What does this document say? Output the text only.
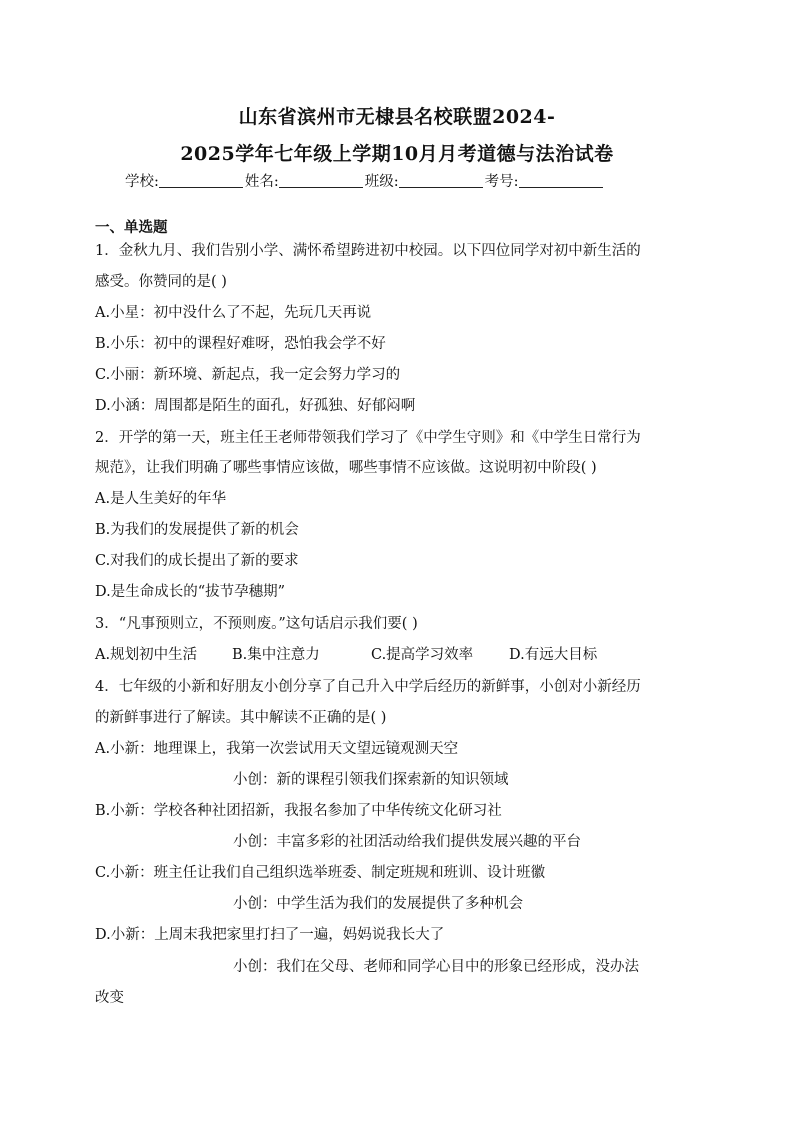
山东省滨州市无棣县名校联盟2024-
2025学年七年级上学期10月月考道德与法治试卷
学校:	姓名:	班级:	考号:
一、单选题
1．金秋九月、我们告别小学、满怀希望跨进初中校园。以下四位同学对初中新生活的
感受。你赞同的是( )
A.小星：初中没什么了不起，先玩几天再说
B.小乐：初中的课程好难呀，恐怕我会学不好
C.小丽：新环境、新起点，我一定会努力学习的
D.小涵：周围都是陌生的面孔，好孤独、好郁闷啊
2．开学的第一天，班主任王老师带领我们学习了《中学生守则》和《中学生日常行为
规范》，让我们明确了哪些事情应该做，哪些事情不应该做。这说明初中阶段( )
A.是人生美好的年华
B.为我们的发展提供了新的机会
C.对我们的成长提出了新的要求
D.是生命成长的“拔节孕穗期”
3．“凡事预则立，不预则废。”这句话启示我们要( )
A.规划初中生活 B.集中注意力	C.提高学习效率 D.有远大目标
4．七年级的小新和好朋友小创分享了自己升入中学后经历的新鲜事，小创对小新经历
的新鲜事进行了解读。其中解读不正确的是( )
A.小新：地理课上，我第一次尝试用天文望远镜观测天空
小创：新的课程引领我们探索新的知识领域
B.小新：学校各种社团招新，我报名参加了中华传统文化研习社
小创：丰富多彩的社团活动给我们提供发展兴趣的平台
C.小新：班主任让我们自己组织选举班委、制定班规和班训、设计班徽
小创：中学生活为我们的发展提供了多种机会
D.小新：上周末我把家里打扫了一遍，妈妈说我长大了
小创：我们在父母、老师和同学心目中的形象已经形成，没办法
改变
